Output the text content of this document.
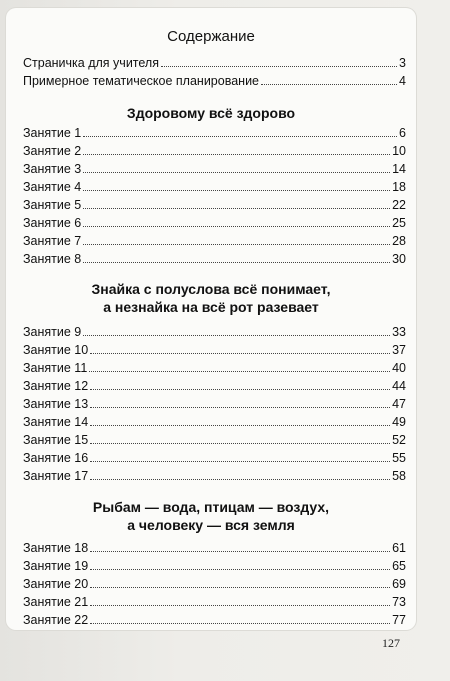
Содержание
Страничка для учителя	3
Примерное тематическое планирование	4
Здоровому всё здорово
Занятие 1	6
Занятие 2	10
Занятие 3	14
Занятие 4	18
Занятие 5	22
Занятие 6	25
Занятие 7	28
Занятие 8	30
Знайка с полуслова всё понимает,
а незнайка на всё рот разевает
Занятие 9	33
Занятие 10	37
Занятие 11	40
Занятие 12	44
Занятие 13	47
Занятие 14	49
Занятие 15	52
Занятие 16	55
Занятие 17	58
Рыбам — вода, птицам — воздух,
а человеку — вся земля
Занятие 18	61
Занятие 19	65
Занятие 20	69
Занятие 21	73
Занятие 22	77
127
